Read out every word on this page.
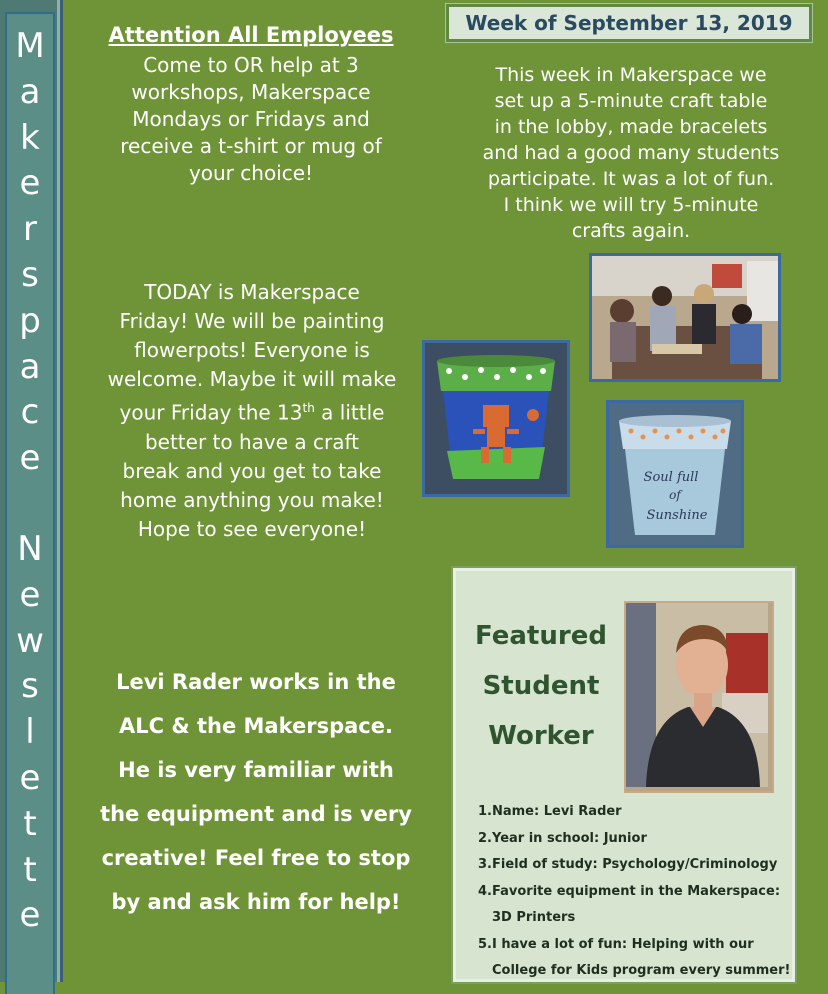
M
a
k
e
r
s
p
a
c
e
N
e
w
s
l
e
t
t
e
Week of September 13, 2019
Attention All Employees
Come to OR help at 3
workshops, Makerspace
Mondays or Fridays and
receive a t-shirt or mug of
your choice!
This week in Makerspace we
set up a 5-minute craft table
in the lobby, made bracelets
and had a good many students
participate. It was a lot of fun.
I think we will try 5-minute
crafts again.
TODAY is Makerspace
Friday! We will be painting
flowerpots! Everyone is
welcome. Maybe it will make
your Friday the 13th a little
better to have a craft
break and you get to take
home anything you make!
Hope to see everyone!
Levi Rader works in the
ALC & the Makerspace.
He is very familiar with
the equipment and is very
creative! Feel free to stop
by and ask him for help!
Soul full
of
Sunshine
Featured
Student
Worker
1.Name: Levi Rader
2.Year in school: Junior
3.Field of study: Psychology/Criminology
4.Favorite equipment in the Makerspace:
3D Printers
5.I have a lot of fun: Helping with our
College for Kids program every summer!
